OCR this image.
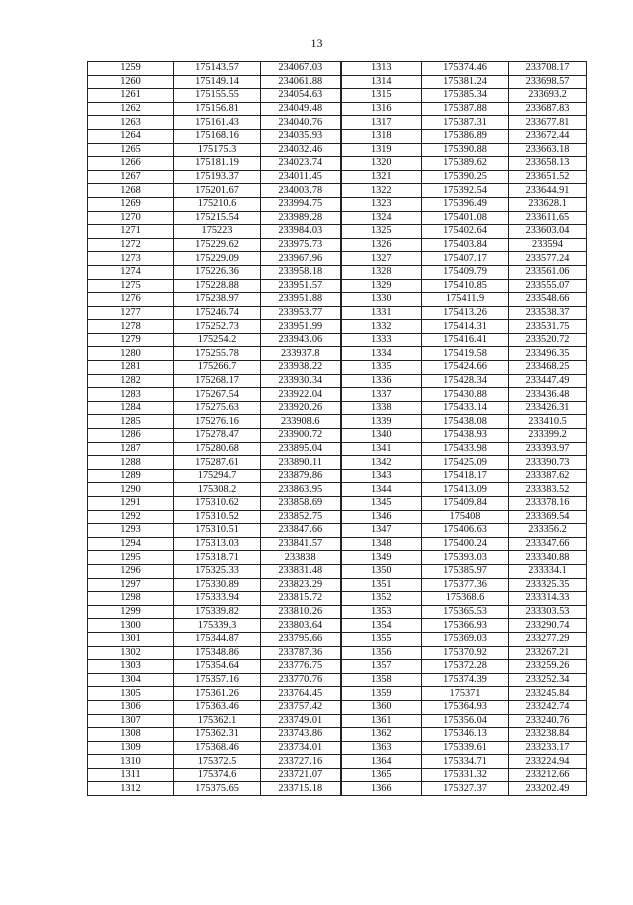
13
1259	175143.57	234067.03	1313	175374.46	233708.17
1260	175149.14	234061.88	1314	175381.24	233698.57
1261	175155.55	234054.63	1315	175385.34	233693.2
1262	175156.81	234049.48	1316	175387.88	233687.83
1263	175161.43	234040.76	1317	175387.31	233677.81
1264	175168.16	234035.93	1318	175386.89	233672.44
1265	175175.3	234032.46	1319	175390.88	233663.18
1266	175181.19	234023.74	1320	175389.62	233658.13
1267	175193.37	234011.45	1321	175390.25	233651.52
1268	175201.67	234003.78	1322	175392.54	233644.91
1269	175210.6	233994.75	1323	175396.49	233628.1
1270	175215.54	233989.28	1324	175401.08	233611.65
1271	175223	233984.03	1325	175402.64	233603.04
1272	175229.62	233975.73	1326	175403.84	233594
1273	175229.09	233967.96	1327	175407.17	233577.24
1274	175226.36	233958.18	1328	175409.79	233561.06
1275	175228.88	233951.57	1329	175410.85	233555.07
1276	175238.97	233951.88	1330	175411.9	233548.66
1277	175246.74	233953.77	1331	175413.26	233538.37
1278	175252.73	233951.99	1332	175414.31	233531.75
1279	175254.2	233943.06	1333	175416.41	233520.72
1280	175255.78	233937.8	1334	175419.58	233496.35
1281	175266.7	233938.22	1335	175424.66	233468.25
1282	175268.17	233930.34	1336	175428.34	233447.49
1283	175267.54	233922.04	1337	175430.88	233436.48
1284	175275.63	233920.26	1338	175433.14	233426.31
1285	175276.16	233908.6	1339	175438.08	233410.5
1286	175278.47	233900.72	1340	175438.93	233399.2
1287	175280.68	233895.04	1341	175433.98	233393.97
1288	175287.61	233890.11	1342	175425.09	233390.73
1289	175294.7	233879.86	1343	175418.17	233387.62
1290	175308.2	233863.95	1344	175413.09	233383.52
1291	175310.62	233858.69	1345	175409.84	233378.16
1292	175310.52	233852.75	1346	175408	233369.54
1293	175310.51	233847.66	1347	175406.63	233356.2
1294	175313.03	233841.57	1348	175400.24	233347.66
1295	175318.71	233838	1349	175393.03	233340.88
1296	175325.33	233831.48	1350	175385.97	233334.1
1297	175330.89	233823.29	1351	175377.36	233325.35
1298	175333.94	233815.72	1352	175368.6	233314.33
1299	175339.82	233810.26	1353	175365.53	233303.53
1300	175339.3	233803.64	1354	175366.93	233290.74
1301	175344.87	233795.66	1355	175369.03	233277.29
1302	175348.86	233787.36	1356	175370.92	233267.21
1303	175354.64	233776.75	1357	175372.28	233259.26
1304	175357.16	233770.76	1358	175374.39	233252.34
1305	175361.26	233764.45	1359	175371	233245.84
1306	175363.46	233757.42	1360	175364.93	233242.74
1307	175362.1	233749.01	1361	175356.04	233240.76
1308	175362.31	233743.86	1362	175346.13	233238.84
1309	175368.46	233734.01	1363	175339.61	233233.17
1310	175372.5	233727.16	1364	175334.71	233224.94
1311	175374.6	233721.07	1365	175331.32	233212.66
1312	175375.65	233715.18	1366	175327.37	233202.49
